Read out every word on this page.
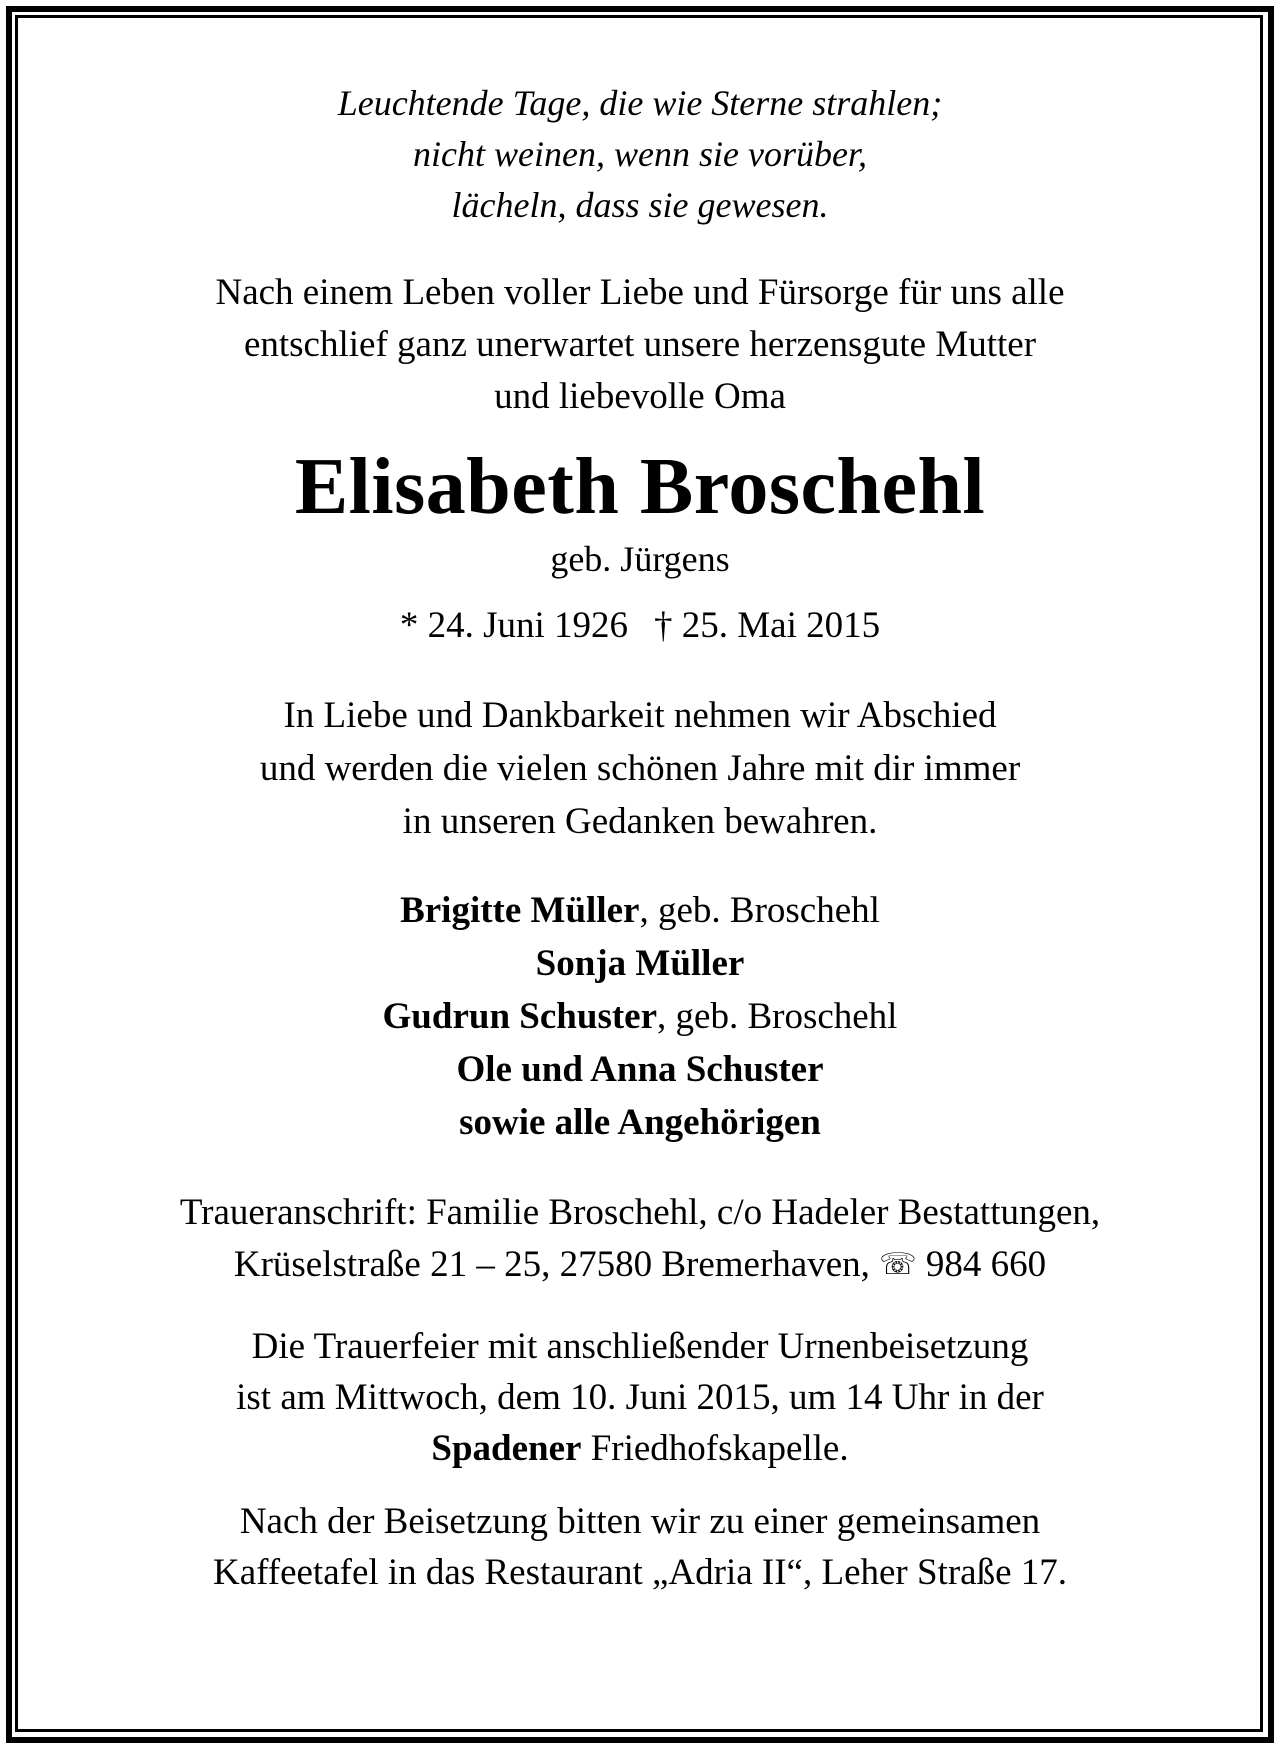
Leuchtende Tage, die wie Sterne strahlen;
nicht weinen, wenn sie vorüber,
lächeln, dass sie gewesen.
Nach einem Leben voller Liebe und Fürsorge für uns alle
entschlief ganz unerwartet unsere herzensgute Mutter
und liebevolle Oma
Elisabeth Broschehl
geb. Jürgens
* 24. Juni 1926 † 25. Mai 2015
In Liebe und Dankbarkeit nehmen wir Abschied
und werden die vielen schönen Jahre mit dir immer
in unseren Gedanken bewahren.
Brigitte Müller, geb. Broschehl
Sonja Müller
Gudrun Schuster, geb. Broschehl
Ole und Anna Schuster
sowie alle Angehörigen
Traueranschrift: Familie Broschehl, c/o Hadeler Bestattungen,
Krüselstraße 21 – 25, 27580 Bremerhaven, ☏ 984 660
Die Trauerfeier mit anschließender Urnenbeisetzung
ist am Mittwoch, dem 10. Juni 2015, um 14 Uhr in der
Spadener Friedhofskapelle.
Nach der Beisetzung bitten wir zu einer gemeinsamen
Kaffeetafel in das Restaurant „Adria II“, Leher Straße 17.
